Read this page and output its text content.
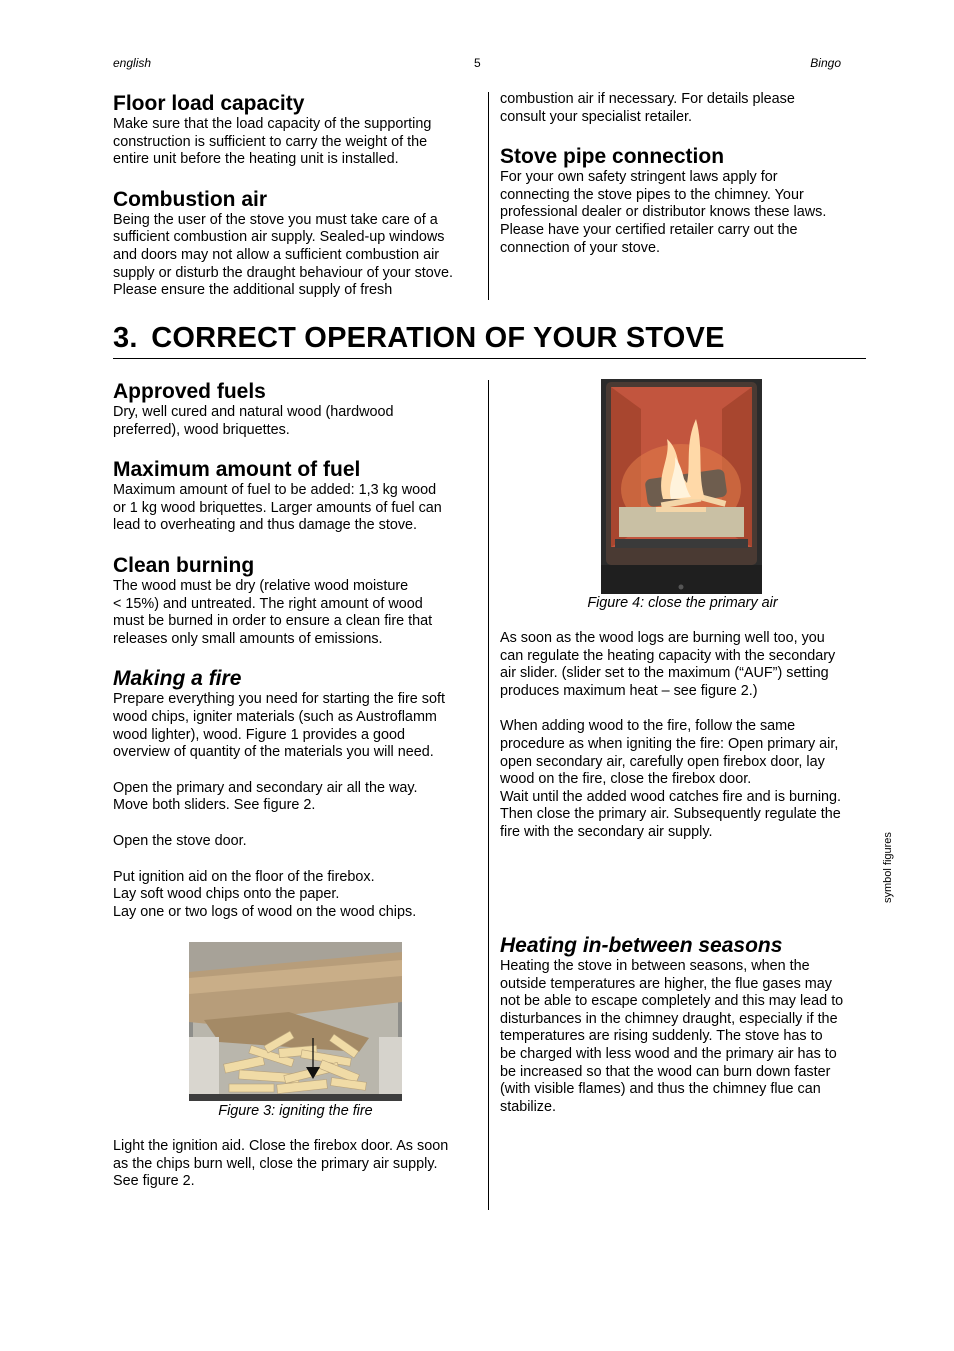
english	5	Bingo
Floor load capacity

Make sure that the load capacity of the supporting

construction is sufficient to carry the weight of the

entire unit before the heating unit is installed.

Combustion air

Being the user of the stove you must take care of a

sufficient combustion air supply. Sealed-up windows

and doors may not allow a sufficient combustion air

supply or disturb the draught behaviour of your stove.

Please ensure the additional supply of fresh

combustion air if necessary. For details please

consult your specialist retailer.

Stove pipe connection

For your own safety stringent laws apply for

connecting the stove pipes to the chimney. Your

professional dealer or distributor knows these laws.

Please have your certified retailer carry out the

connection of your stove.

3. CORRECT OPERATION OF YOUR STOVE
Approved fuels

Dry, well cured and natural wood (hardwood

preferred), wood briquettes.

Maximum amount of fuel

Maximum amount of fuel to be added: 1,3 kg wood

or 1 kg wood briquettes. Larger amounts of fuel can

lead to overheating and thus damage the stove.

Clean burning

The wood must be dry (relative wood moisture

< 15%) and untreated. The right amount of wood

must be burned in order to ensure a clean fire that

releases only small amounts of emissions.

Making a fire

Prepare everything you need for starting the fire soft

wood chips, igniter materials (such as Austroflamm

wood lighter), wood. Figure 1 provides a good

overview of quantity of the materials you will need.

Open the primary and secondary air all the way.

Move both sliders. See figure 2.

Open the stove door.

Put ignition aid on the floor of the firebox.

Lay soft wood chips onto the paper.

Lay one or two logs of wood on the wood chips.

Figure 3: igniting the fire

Light the ignition aid. Close the firebox door. As soon

as the chips burn well, close the primary air supply.

See figure 2.

Figure 4: close the primary air

As soon as the wood logs are burning well too, you

can regulate the heating capacity with the secondary

air slider. (slider set to the maximum (“AUF”) setting

produces maximum heat – see figure 2.)

When adding wood to the fire, follow the same

procedure as when igniting the fire: Open primary air,

open secondary air, carefully open firebox door, lay

wood on the fire, close the firebox door.

Wait until the added wood catches fire and is burning.

Then close the primary air. Subsequently regulate the

fire with the secondary air supply.

Heating in-between seasons

Heating the stove in between seasons, when the

outside temperatures are higher, the flue gases may

not be able to escape completely and this may lead to

disturbances in the chimney draught, especially if the

temperatures are rising suddenly. The stove has to

be charged with less wood and the primary air has to

be increased so that the wood can burn down faster

(with visible flames) and thus the chimney flue can

stabilize.

symbol figures
